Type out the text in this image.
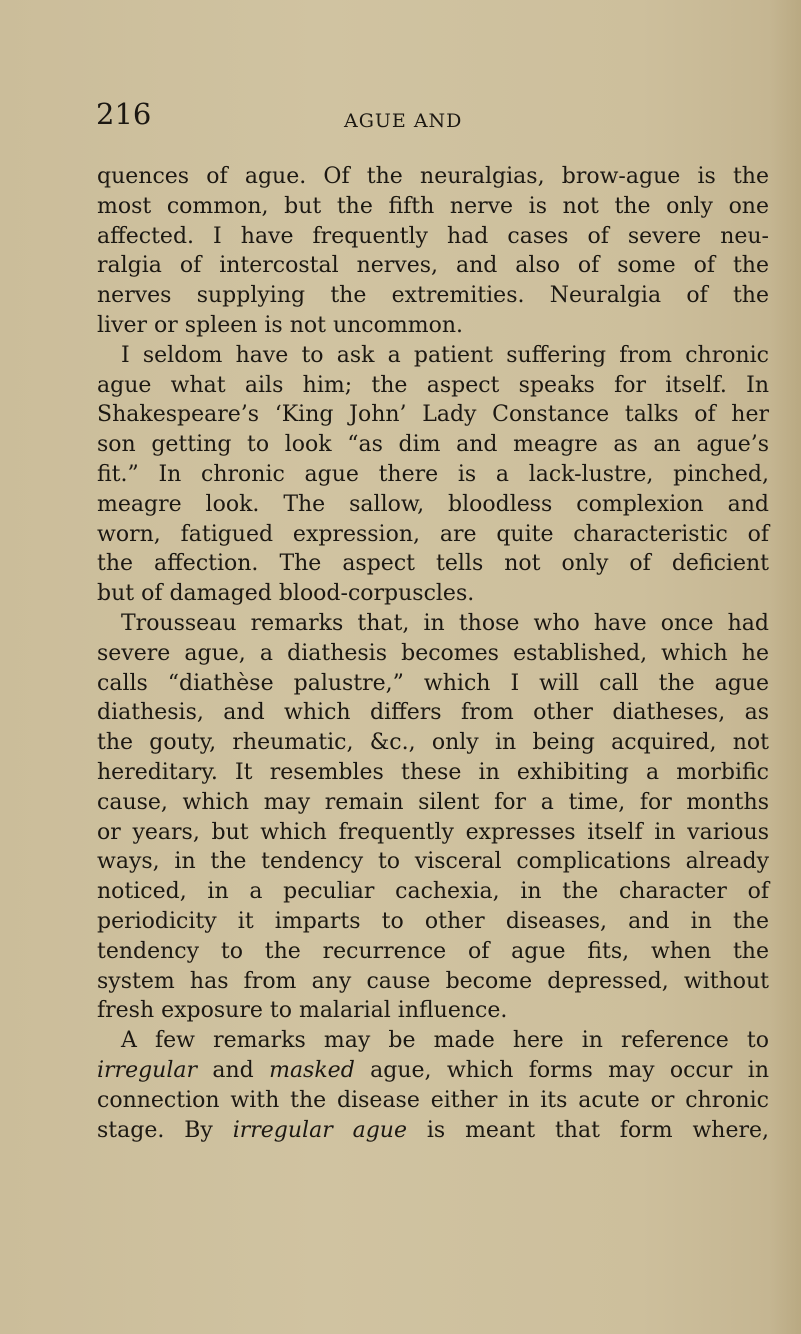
216	AGUE AND
quences of ague. Of the neuralgias, brow-ague is the
most common, but the fifth nerve is not the only one
affected. I have frequently had cases of severe neu-
ralgia of intercostal nerves, and also of some of the
nerves supplying the extremities. Neuralgia of the
liver or spleen is not uncommon.
I seldom have to ask a patient suffering from chronic
ague what ails him; the aspect speaks for itself. In
Shakespeare’s ‘King John’ Lady Constance talks of her
son getting to look “as dim and meagre as an ague’s
fit.” In chronic ague there is a lack-lustre, pinched,
meagre look. The sallow, bloodless complexion and
worn, fatigued expression, are quite characteristic of
the affection. The aspect tells not only of deficient
but of damaged blood-corpuscles.
Trousseau remarks that, in those who have once had
severe ague, a diathesis becomes established, which he
calls “diathèse palustre,” which I will call the ague
diathesis, and which differs from other diatheses, as
the gouty, rheumatic, &c., only in being acquired, not
hereditary. It resembles these in exhibiting a morbific
cause, which may remain silent for a time, for months
or years, but which frequently expresses itself in various
ways, in the tendency to visceral complications already
noticed, in a peculiar cachexia, in the character of
periodicity it imparts to other diseases, and in the
tendency to the recurrence of ague fits, when the
system has from any cause become depressed, without
fresh exposure to malarial influence.
A few remarks may be made here in reference to
irregular and masked ague, which forms may occur in
connection with the disease either in its acute or chronic
stage. By irregular ague is meant that form where,
